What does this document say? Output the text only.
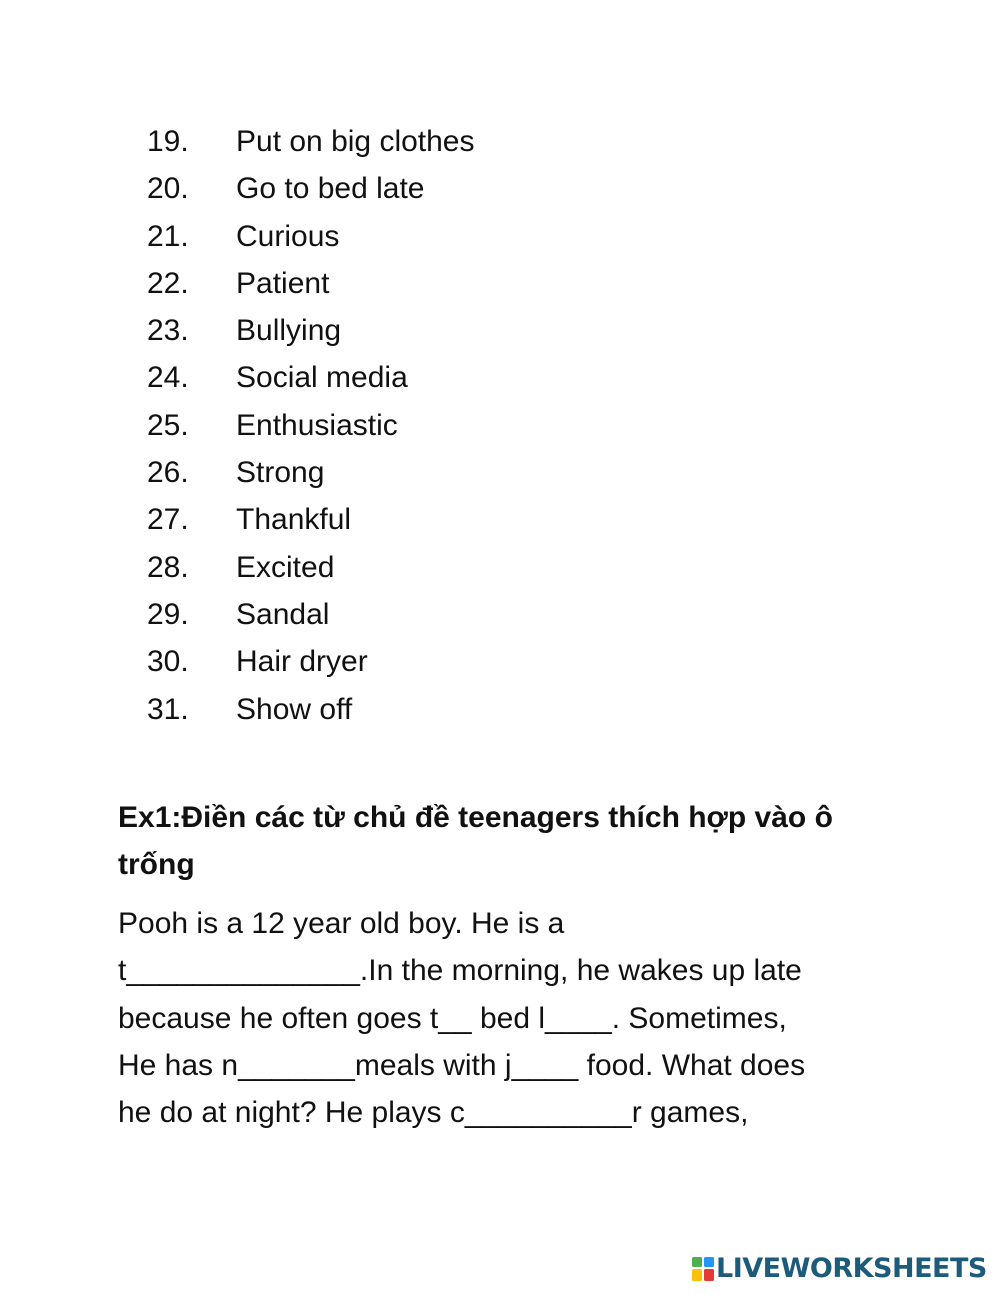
19. Put on big clothes
20. Go to bed late
21. Curious
22. Patient
23. Bullying
24. Social media
25. Enthusiastic
26. Strong
27. Thankful
28. Excited
29. Sandal
30. Hair dryer
31. Show off
Ex1:Điền các từ chủ đề teenagers thích hợp vào ô trống
Pooh is a 12 year old boy. He is a
t______________.In the morning, he wakes up late
because he often goes t__ bed l____. Sometimes,
He has n_______meals with j____ food. What does
he do at night? He plays c__________r games,
LIVEWORKSHEETS
